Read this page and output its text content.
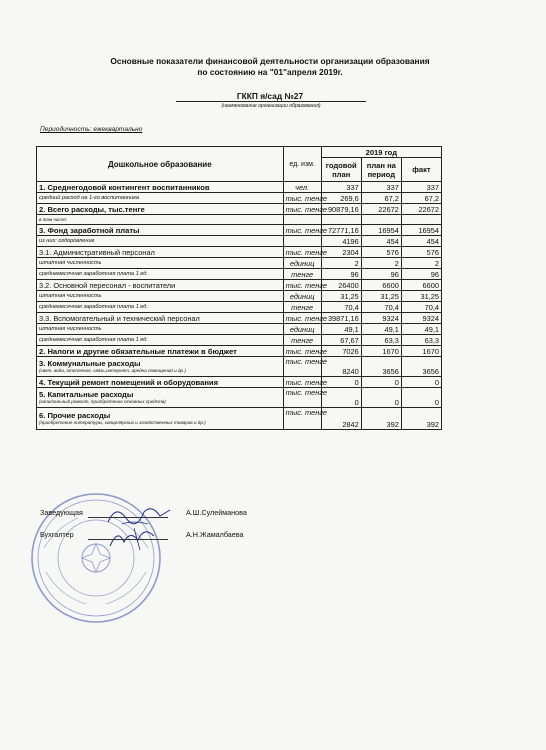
Основные показатели финансовой деятельности организации образования
по состоянию на "01"апреля 2019г.
ГККП я/сад №27
(наименование организации образования)
Периодичность: ежеквартально
Дошкольное образование	ед. изм.	2019 год		
		годовой план	план на период	факт
1. Среднегодовой контингент воспитанников	чел.	337	337	337
средний расход на 1-го воспитанника	тыс. тенге	269,6	67,2	67,2
2. Всего расходы, тыс.тенге	тыс. тенге	90879,16	22672	22672
в том числе:				
3. Фонд заработной платы	тыс. тенге	72771,16	16954	16954
из них: оздоровление		4196	454	454
3.1. Административный персонал	тыс. тенге	2304	576	576
штатная численность	единиц	2	2	2
среднемесячная заработная плата 1 ед.	тенге	96	96	96
3.2. Основной пересонал - воспитатели	тыс. тенге	26400	6600	6600
штатная численность	единиц	31,25	31,25	31,25
среднемесячная заработная плата 1 ед.	тенге	70,4	70,4	70,4
3.3. Вспомогательный и технический персонал	тыс. тенге	39871,16	9324	9324
штатная численность	единиц	49,1	49,1	49,1
среднемесячная заработная плата 1 ед.	тенге	67,67	63,3	63,3
2. Налоги и другие обязательные платежи в бюджет	тыс. тенге	7026	1670	1670
3. Коммунальные расходы
(свет, вода, отопление, связь,интернет, аредна помещений и др.)	тыс. тенге	8240	3656	3656
4. Текущий ремонт помещений и оборудования	тыс. тенге	0	0	0
5. Капитальные расходы
(капитальный ремонт, приобретение основных средств)	тыс. тенге	0	0	0
6. Прочие расходы
(приобретение литературы, канцелярских и хозяйственных товаров и др.)	тыс. тенге	2842	392	392
Заведующая	А.Ш.Сулейманова
Бухгалтер	А.Н.Жамалбаева
